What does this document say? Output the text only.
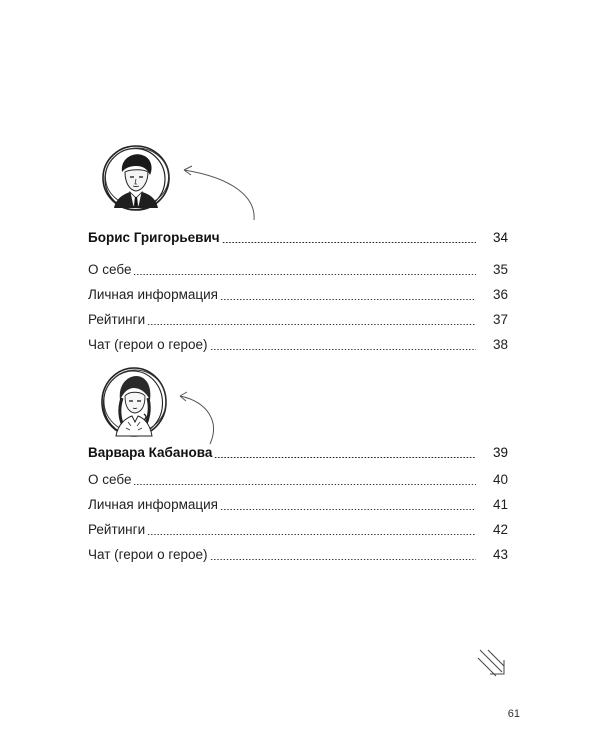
Борис Григорьевич	34
О себе	35
Личная информация	36
Рейтинги	37
Чат (герои о герое)	38
Варвара Кабанова	39
О себе	40
Личная информация	41
Рейтинги	42
Чат (герои о герое)	43
61
